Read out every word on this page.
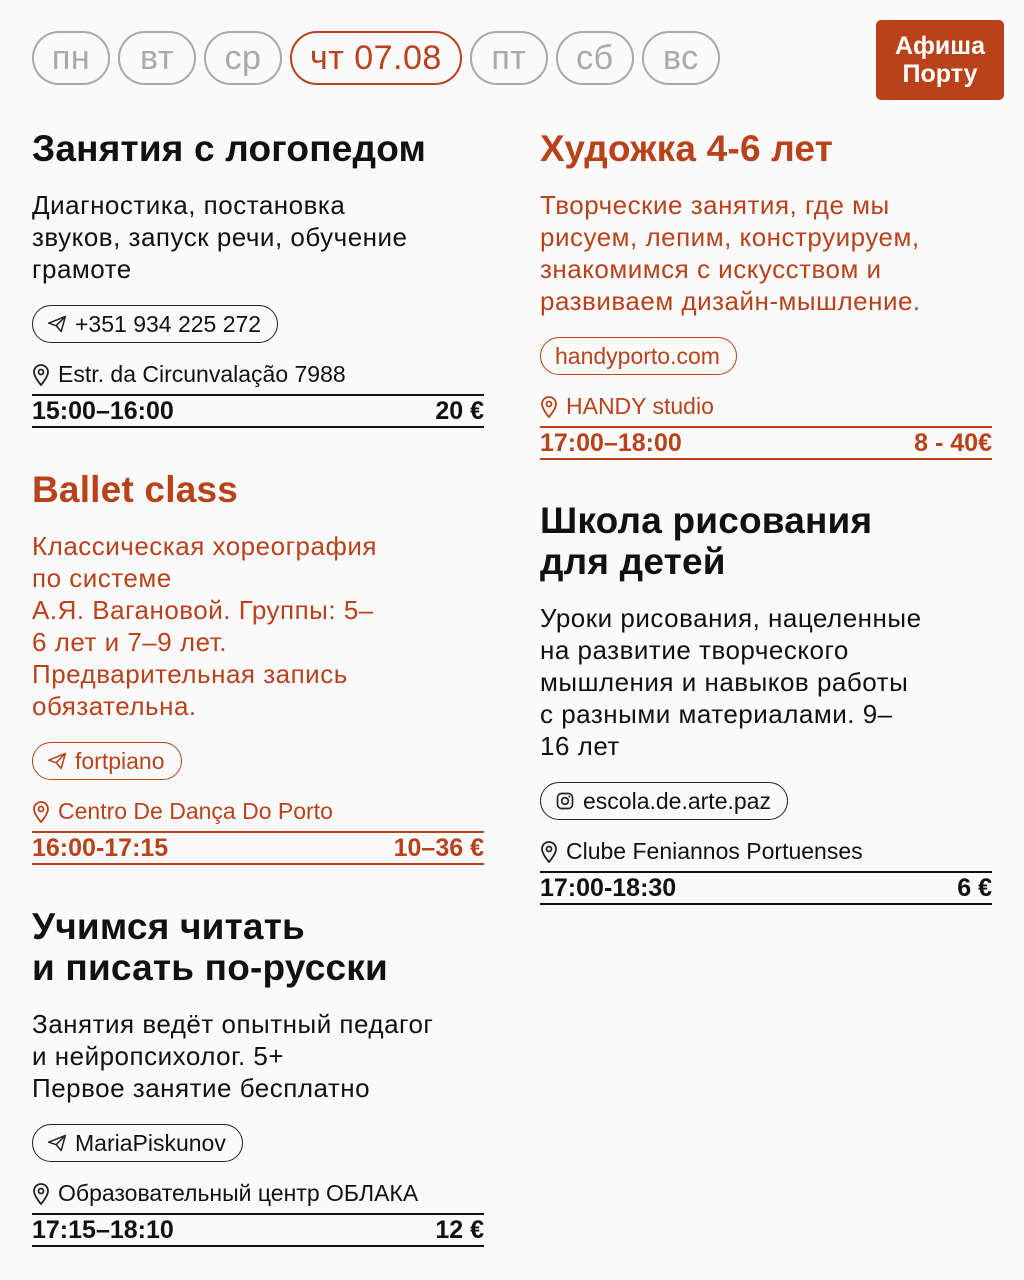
пн	вт	ср	чт 07.08	пт	сб	вс	Афиша
Порту
Занятия с логопедом

Диагностика, постановка
звуков, запуск речи, обучение
грамоте

+351 934 225 272
Estr. da Circunvalação 7988
15:00–16:00	20 €
Ballet class

Классическая хореография
по системе
А.Я. Вагановой. Группы: 5–
6 лет и 7–9 лет.
Предварительная запись
обязательна.

fortpiano
Centro De Dança Do Porto
16:00-17:15	10–36 €
Учимся читать
и писать по-русски

Занятия ведёт опытный педагог
и нейропсихолог. 5+
Первое занятие бесплатно

MariaPiskunov
Образовательный центр ОБЛАКА
17:15–18:10	12 €
Художка 4-6 лет

Творческие занятия, где мы
рисуем, лепим, конструируем,
знакомимся с искусством и
развиваем дизайн-мышление.

handyporto.com
HANDY studio
17:00–18:00	8 - 40€
Школа рисования
для детей

Уроки рисования, нацеленные
на развитие творческого
мышления и навыков работы
с разными материалами. 9–
16 лет

escola.de.arte.paz
Clube Feniannos Portuenses
17:00-18:30	6 €
